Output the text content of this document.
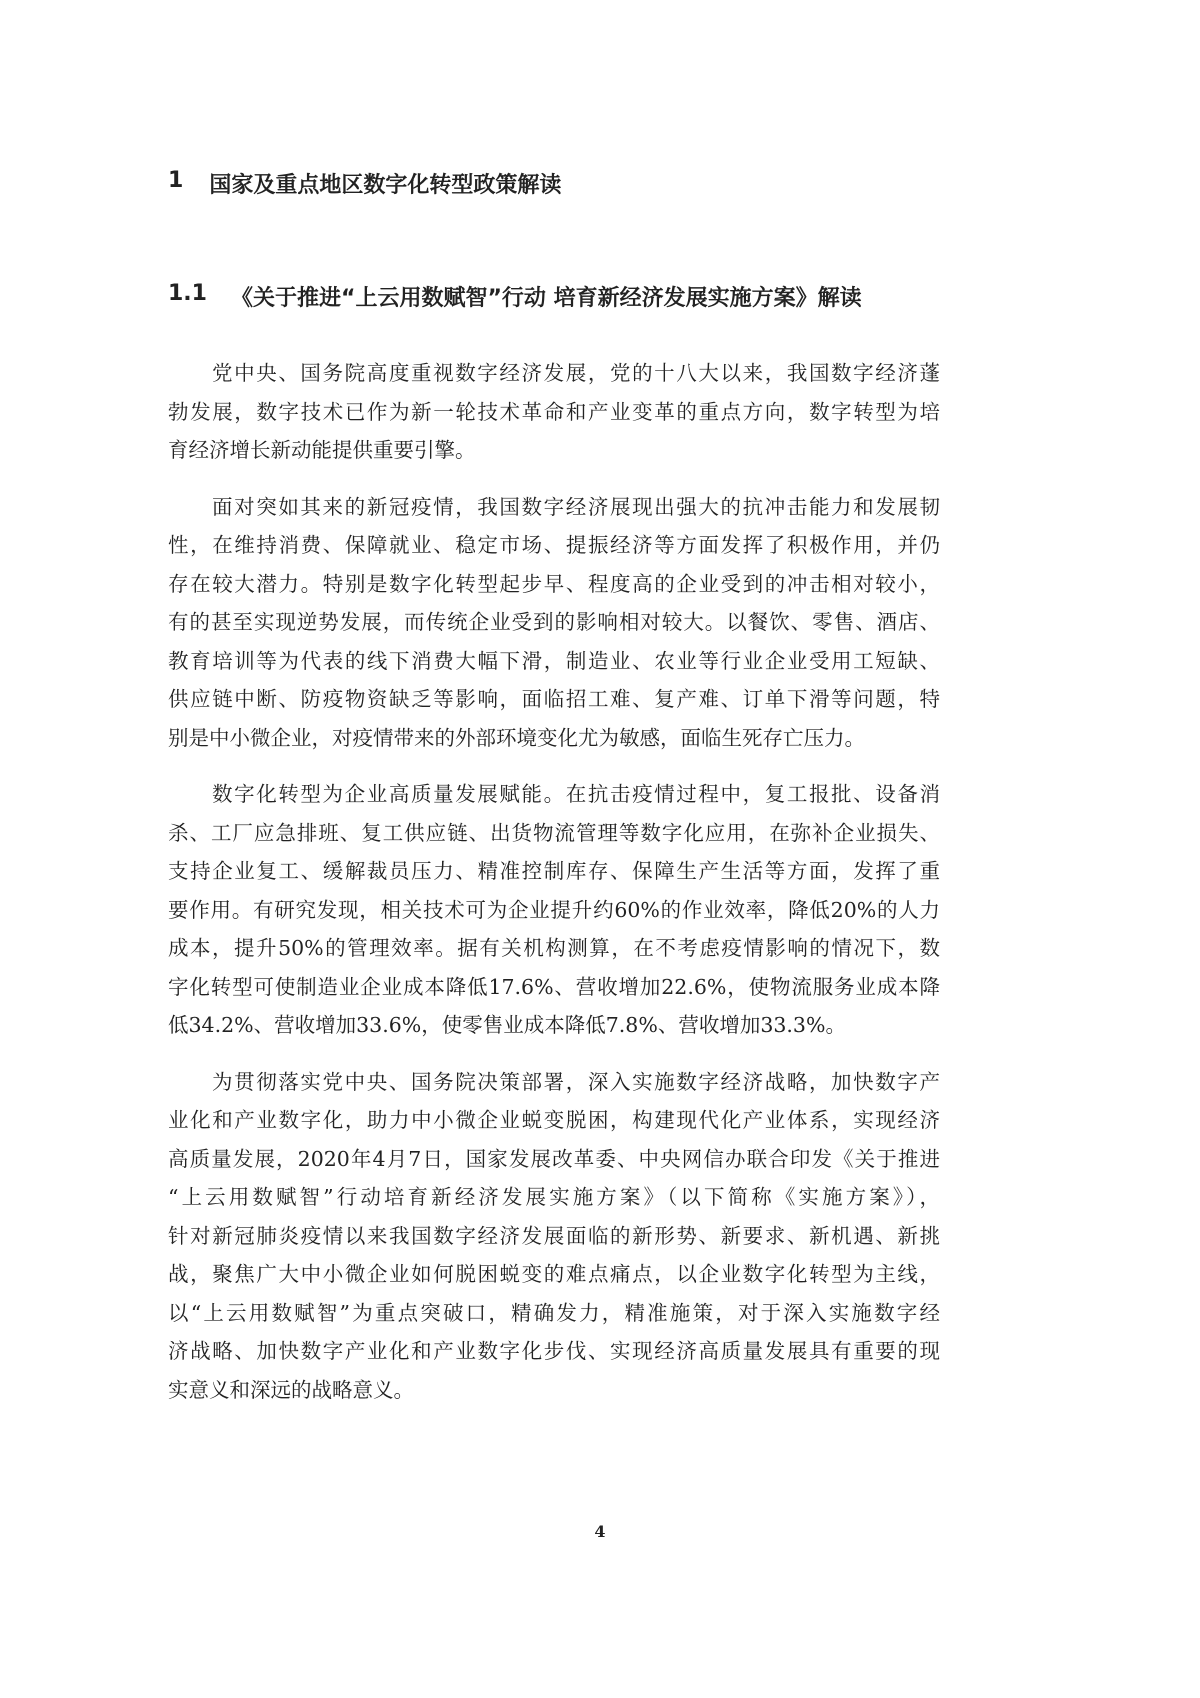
1 国家及重点地区数字化转型政策解读
1.1 《关于推进“上云用数赋智”行动 培育新经济发展实施方案》解读
党中央、国务院高度重视数字经济发展，党的十八大以来，我国数字经济蓬
勃发展，数字技术已作为新一轮技术革命和产业变革的重点方向，数字转型为培
育经济增长新动能提供重要引擎。
面对突如其来的新冠疫情，我国数字经济展现出强大的抗冲击能力和发展韧
性，在维持消费、保障就业、稳定市场、提振经济等方面发挥了积极作用，并仍
存在较大潜力。特别是数字化转型起步早、程度高的企业受到的冲击相对较小，
有的甚至实现逆势发展，而传统企业受到的影响相对较大。以餐饮、零售、酒店、
教育培训等为代表的线下消费大幅下滑，制造业、农业等行业企业受用工短缺、
供应链中断、防疫物资缺乏等影响，面临招工难、复产难、订单下滑等问题，特
别是中小微企业，对疫情带来的外部环境变化尤为敏感，面临生死存亡压力。
数字化转型为企业高质量发展赋能。在抗击疫情过程中，复工报批、设备消
杀、工厂应急排班、复工供应链、出货物流管理等数字化应用，在弥补企业损失、
支持企业复工、缓解裁员压力、精准控制库存、保障生产生活等方面，发挥了重
要作用。有研究发现，相关技术可为企业提升约60%的作业效率，降低20%的人力
成本，提升50%的管理效率。据有关机构测算，在不考虑疫情影响的情况下，数
字化转型可使制造业企业成本降低17.6%、营收增加22.6%，使物流服务业成本降
低34.2%、营收增加33.6%，使零售业成本降低7.8%、营收增加33.3%。
为贯彻落实党中央、国务院决策部署，深入实施数字经济战略，加快数字产
业化和产业数字化，助力中小微企业蜕变脱困，构建现代化产业体系，实现经济
高质量发展，2020年4月7日，国家发展改革委、中央网信办联合印发《关于推进
“上云用数赋智”行动培育新经济发展实施方案》（以下简称《实施方案》），
针对新冠肺炎疫情以来我国数字经济发展面临的新形势、新要求、新机遇、新挑
战，聚焦广大中小微企业如何脱困蜕变的难点痛点，以企业数字化转型为主线，
以“上云用数赋智”为重点突破口，精确发力，精准施策，对于深入实施数字经
济战略、加快数字产业化和产业数字化步伐、实现经济高质量发展具有重要的现
实意义和深远的战略意义。
4
